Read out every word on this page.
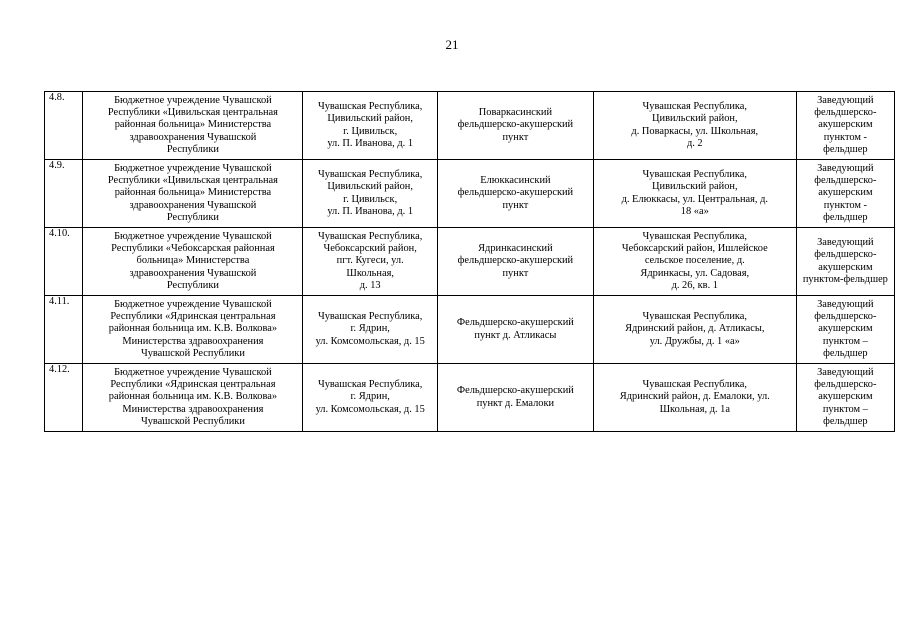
21
4.8.	Бюджетное учреждение Чувашской
Республики «Цивильская центральная
районная больница» Министерства
здравоохранения Чувашской
Республики	Чувашская Республика,
Цивильский район,
г. Цивильск,
ул. П. Иванова, д. 1	Поваркасинский
фельдшерско-акушерский
пункт	Чувашская Республика,
Цивильский район,
д. Поваркасы, ул. Школьная,
д. 2	Заведующий
фельдшерско-
акушерским
пунктом -
фельдшер

4.9.	Бюджетное учреждение Чувашской
Республики «Цивильская центральная
районная больница» Министерства
здравоохранения Чувашской
Республики	Чувашская Республика,
Цивильский район,
г. Цивильск,
ул. П. Иванова, д. 1	Елюккасинский
фельдшерско-акушерский
пункт	Чувашская Республика,
Цивильский район,
д. Елюккасы, ул. Центральная, д.
18 «а»	Заведующий
фельдшерско-
акушерским
пунктом -
фельдшер

4.10.	Бюджетное учреждение Чувашской
Республики «Чебоксарская районная
больница» Министерства
здравоохранения Чувашской
Республики	Чувашская Республика,
Чебоксарский район,
пгт. Кугеси, ул.
Школьная,
д. 13	Ядринкасинский
фельдшерско-акушерский
пункт	Чувашская Республика,
Чебоксарский район, Ишлейское
сельское поселение, д.
Ядринкасы, ул. Садовая,
д. 26, кв. 1	Заведующий
фельдшерско-
акушерским
пунктом-фельдшер

4.11.	Бюджетное учреждение Чувашской
Республики «Ядринская центральная
районная больница им. К.В. Волкова»
Министерства здравоохранения
Чувашской Республики	Чувашская Республика,
г. Ядрин,
ул. Комсомольская, д. 15	Фельдшерско-акушерский
пункт д. Атликасы	Чувашская Республика,
Ядринский район, д. Атликасы,
ул. Дружбы, д. 1 «а»	Заведующий
фельдшерско-
акушерским
пунктом –
фельдшер

4.12.	Бюджетное учреждение Чувашской
Республики «Ядринская центральная
районная больница им. К.В. Волкова»
Министерства здравоохранения
Чувашской Республики	Чувашская Республика,
г. Ядрин,
ул. Комсомольская, д. 15	Фельдшерско-акушерский
пункт д. Емалоки	Чувашская Республика,
Ядринский район, д. Емалоки, ул.
Школьная, д. 1а	Заведующий
фельдшерско-
акушерским
пунктом –
фельдшер
